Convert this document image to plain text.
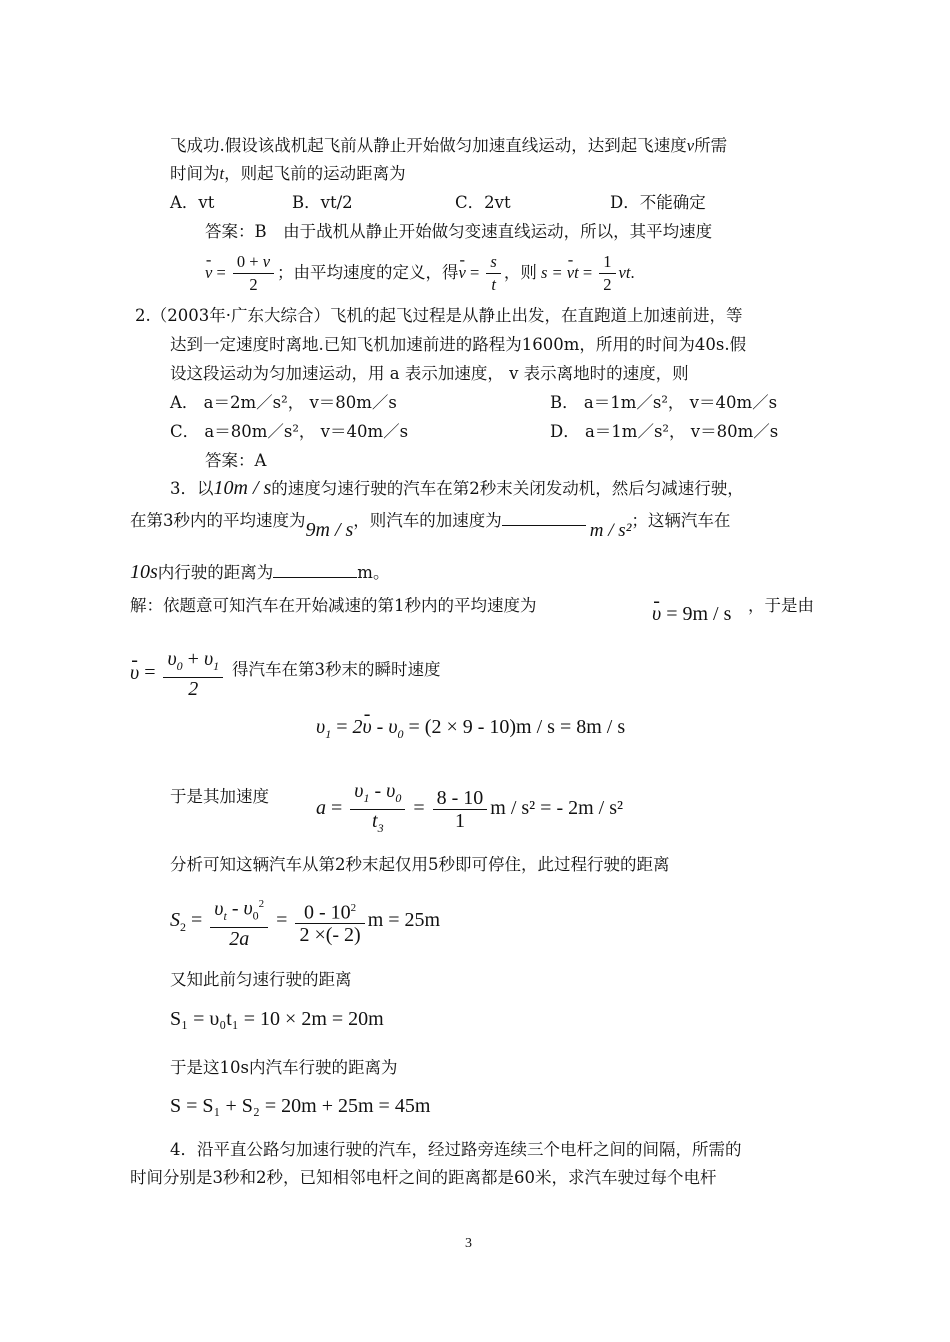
飞成功.假设该战机起飞前从静止开始做匀加速直线运动，达到起飞速度v所需
时间为t，则起飞前的运动距离为
A．vt	B．vt/2	C．2vt	D．不能确定
答案：B　由于战机从静止开始做匀变速直线运动，所以，其平均速度
- $v = \frac{0 + v}{2}$ ；由平均速度的定义，得- $v = \frac{s}{t}$ ，则 s = - vt = $\frac{1}{2}$ vt.
2.（2003年·广东大综合）飞机的起飞过程是从静止出发，在直跑道上加速前进，等
达到一定速度时离地.已知飞机加速前进的路程为1600m，所用的时间为40s.假
设这段运动为匀加速运动，用 a 表示加速度， v 表示离地时的速度，则
A． a＝2m／s²， v＝80m／s	B． a＝1m／s²， v＝40m／s
C． a＝80m／s²， v＝40m／s	D． a＝1m／s²， v＝80m／s
答案：A
3．以10m / s的速度匀速行驶的汽车在第2秒末关闭发动机，然后匀减速行驶，
在第3秒内的平均速度为9m / s，则汽车的加速度为	m / s²；这辆汽车在
10s内行驶的距离为	m。
解：依题意可知汽车在开始减速的第1秒内的平均速度为
-	υ = 9m / s ，于是由
- $\upsilon = \frac{\upsilon_0 + \upsilon_1}{2}$ 得汽车在第3秒末的瞬时速度
$\upsilon_1 = 2-$ $\upsilon - \upsilon_0 = (2 \times 9 - 10)m / s = 8m / s$
于是其加速度
$a = \frac{\upsilon_1 - \upsilon_0}{t_3} = \frac{8 - 10}{1}$ m / s² = - 2m / s²
分析可知这辆汽车从第2秒末起仅用5秒即可停住，此过程行驶的距离
$S_2 = \frac{\upsilon_t - \upsilon_0^2}{2a} = \frac{0 - 10^2}{2 \times(- 2)}$ m = 25m
又知此前匀速行驶的距离
S₁ = υ₀t₁ = 10 × 2m = 20m
于是这10s内汽车行驶的距离为
S = S₁ + S₂ = 20m + 25m = 45m
4．沿平直公路匀加速行驶的汽车，经过路旁连续三个电杆之间的间隔，所需的
时间分别是3秒和2秒，已知相邻电杆之间的距离都是60米，求汽车驶过每个电杆
3
